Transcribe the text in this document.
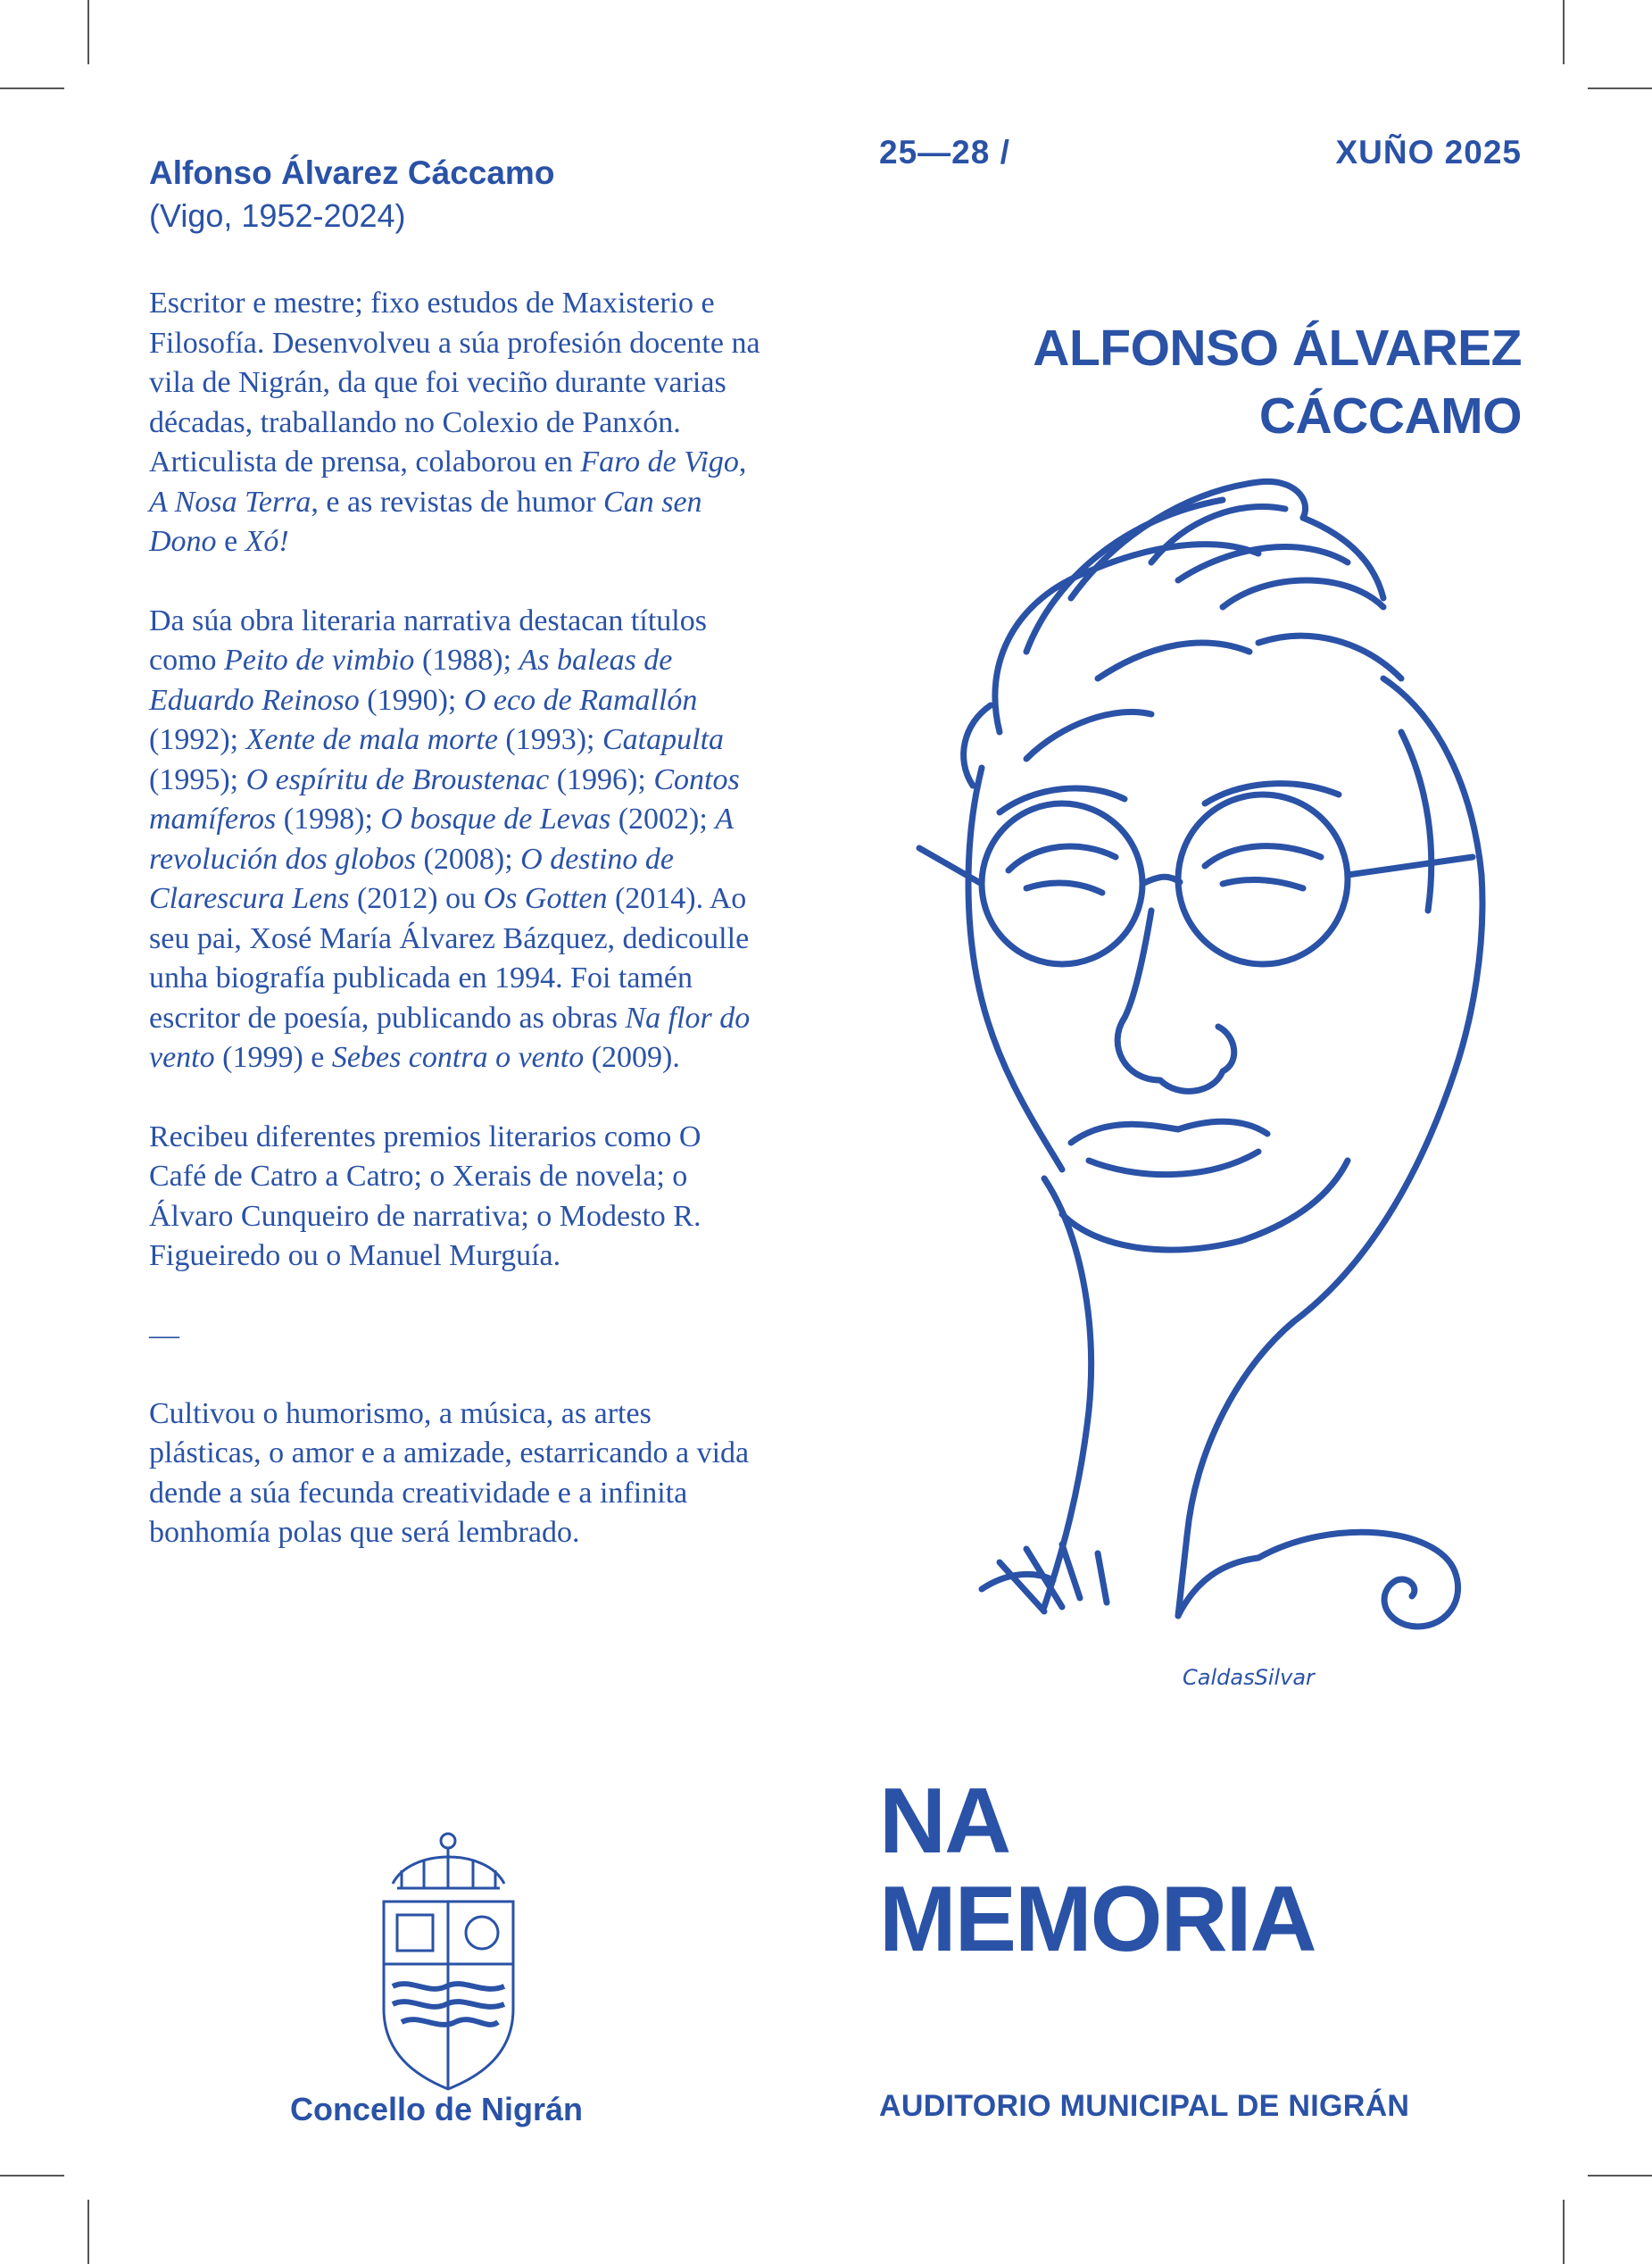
Alfonso Álvarez Cáccamo

(Vigo, 1952-2024)

Escritor e mestre; fixo estudos de Maxisterio e Filosofía. Desenvolveu a súa profesión docente na vila de Nigrán, da que foi veciño durante varias décadas, traballando no Colexio de Panxón. Articulista de prensa, colaborou en Faro de Vigo, A Nosa Terra, e as revistas de humor Can sen Dono e Xó!

Da súa obra literaria narrativa destacan títulos como Peito de vimbio (1988); As baleas de Eduardo Reinoso (1990); O eco de Ramallón (1992); Xente de mala morte (1993); Catapulta (1995); O espíritu de Broustenac (1996); Contos mamíferos (1998); O bosque de Levas (2002); A revolución dos globos (2008); O destino de Clarescura Lens (2012) ou Os Gotten (2014). Ao seu pai, Xosé María Álvarez Bázquez, dedicoulle unha biografía publicada en 1994. Foi tamén escritor de poesía, publicando as obras Na flor do vento (1999) e Sebes contra o vento (2009).

Recibeu diferentes premios literarios como O Café de Catro a Catro; o Xerais de novela; o Álvaro Cunqueiro de narrativa; o Modesto R. Figueiredo ou o Manuel Murguía.

—

Cultivou o humorismo, a música, as artes plásticas, o amor e a amizade, estarricando a vida dende a súa fecunda creatividade e a infinita bonhomía polas que será lembrado.

25—28 /	XUÑO 2025
ALFONSO ÁLVAREZ
CÁCCAMO
CaldasSilvar
NA
MEMORIA
AUDITORIO MUNICIPAL DE NIGRÁN
Concello de Nigrán
